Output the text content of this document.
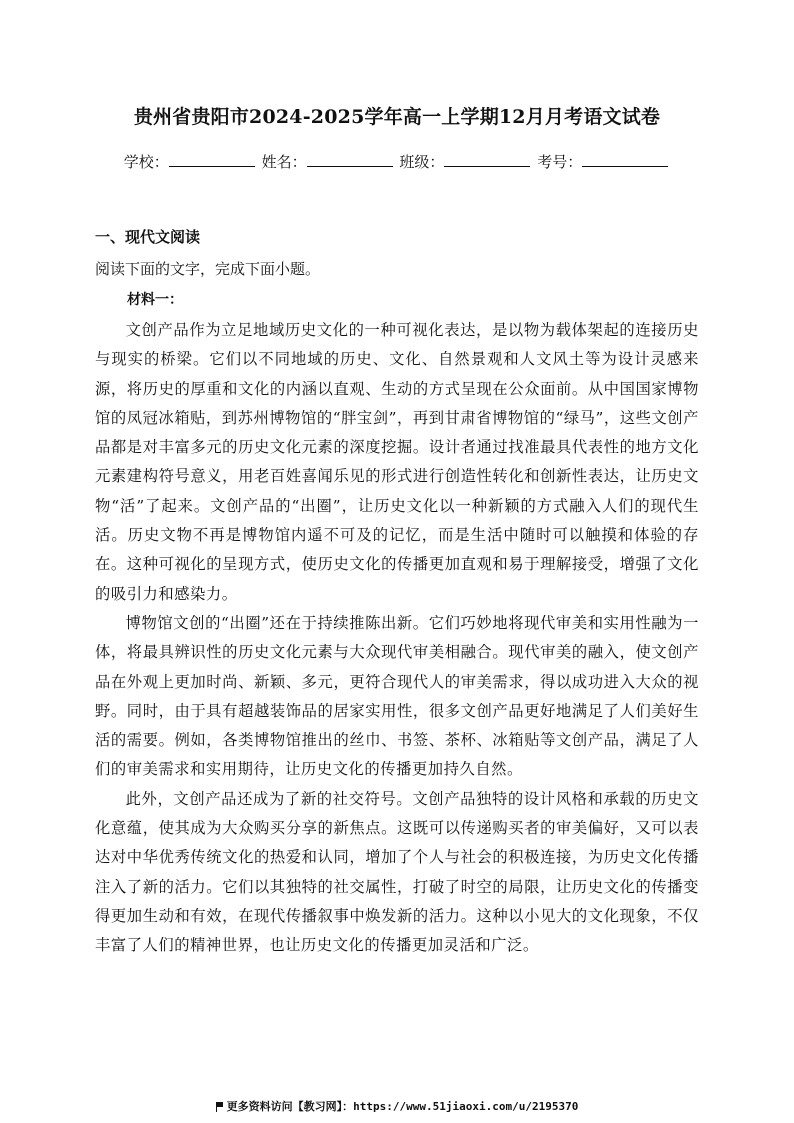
贵州省贵阳市2024-2025学年高一上学期12月月考语文试卷
学校：	姓名：	班级：	考号：
一、现代文阅读
阅读下面的文字，完成下面小题。
材料一：

文创产品作为立足地域历史文化的一种可视化表达，是以物为载体架起的连接历史与现实的桥梁。它们以不同地域的历史、文化、自然景观和人文风土等为设计灵感来源，将历史的厚重和文化的内涵以直观、生动的方式呈现在公众面前。从中国国家博物馆的凤冠冰箱贴，到苏州博物馆的“胖宝剑”，再到甘肃省博物馆的“绿马”，这些文创产品都是对丰富多元的历史文化元素的深度挖掘。设计者通过找准最具代表性的地方文化元素建构符号意义，用老百姓喜闻乐见的形式进行创造性转化和创新性表达，让历史文物“活”了起来。文创产品的“出圈”，让历史文化以一种新颖的方式融入人们的现代生活。历史文物不再是博物馆内遥不可及的记忆，而是生活中随时可以触摸和体验的存在。这种可视化的呈现方式，使历史文化的传播更加直观和易于理解接受，增强了文化的吸引力和感染力。

博物馆文创的“出圈”还在于持续推陈出新。它们巧妙地将现代审美和实用性融为一体，将最具辨识性的历史文化元素与大众现代审美相融合。现代审美的融入，使文创产品在外观上更加时尚、新颖、多元，更符合现代人的审美需求，得以成功进入大众的视野。同时，由于具有超越装饰品的居家实用性，很多文创产品更好地满足了人们美好生活的需要。例如，各类博物馆推出的丝巾、书签、茶杯、冰箱贴等文创产品，满足了人们的审美需求和实用期待，让历史文化的传播更加持久自然。

此外，文创产品还成为了新的社交符号。文创产品独特的设计风格和承载的历史文化意蕴，使其成为大众购买分享的新焦点。这既可以传递购买者的审美偏好，又可以表达对中华优秀传统文化的热爱和认同，增加了个人与社会的积极连接，为历史文化传播注入了新的活力。它们以其独特的社交属性，打破了时空的局限，让历史文化的传播变得更加生动和有效，在现代传播叙事中焕发新的活力。这种以小见大的文化现象，不仅丰富了人们的精神世界，也让历史文化的传播更加灵活和广泛。

更多资料访问【教习网】：https://www.51jiaoxi.com/u/2195370
